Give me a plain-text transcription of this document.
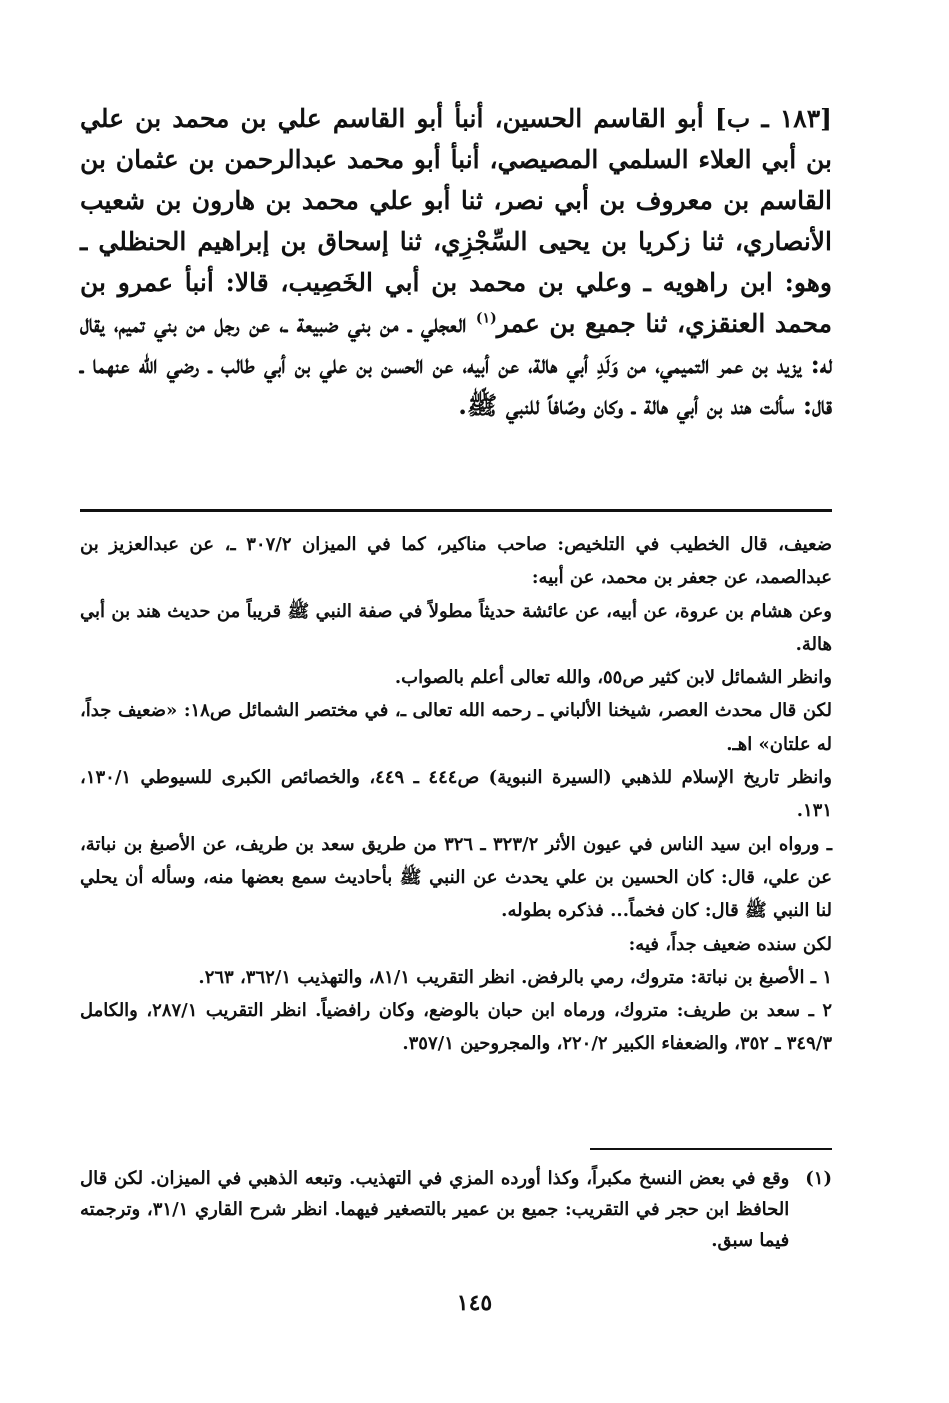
[١٨٣ ـ ب] أبو القاسم الحسين، أنبأ أبو القاسم علي بن محمد بن علي بن أبي العلاء السلمي المصيصي، أنبأ أبو محمد عبدالرحمن بن عثمان بن القاسم بن معروف بن أبي نصر، ثنا أبو علي محمد بن هارون بن شعيب الأنصاري، ثنا زكريا بن يحيى السِّجْزِي، ثنا إسحاق بن إبراهيم الحنظلي ـ وهو: ابن راهويه ـ وعلي بن محمد بن أبي الخَصِيب، قالا: أنبأ عمرو بن محمد العنقزي، ثنا جميع بن عمر$^{(١)}$ العجلي ـ من بني ضبيعة ـ، عن رجل من بني تميم، يقال له: يزيد بن عمر التميمي، من وَلَدِ أبي هالة، عن أبيه، عن الحسن بن علي بن أبي طالب ـ رضي الله عنهما ـ قال: سألت هند بن أبي هالة ـ وكان وصّافاً للنبي ﷺ.

ضعيف، قال الخطيب في التلخيص: صاحب مناكير، كما في الميزان ٣٠٧/٢ ـ، عن عبدالعزيز بن عبدالصمد، عن جعفر بن محمد، عن أبيه:

وعن هشام بن عروة، عن أبيه، عن عائشة حديثاً مطولاً في صفة النبي ﷺ قريباً من حديث هند بن أبي هالة.

وانظر الشمائل لابن كثير ص٥٥، والله تعالى أعلم بالصواب.

لكن قال محدث العصر، شيخنا الألباني ـ رحمه الله تعالى ـ، في مختصر الشمائل ص١٨: «ضعيف جداً، له علتان» اهـ.

وانظر تاريخ الإسلام للذهبي (السيرة النبوية) ص٤٤٤ ـ ٤٤٩، والخصائص الكبرى للسيوطي ١٣٠/١، ١٣١.

ـ ورواه ابن سيد الناس في عيون الأثر ٣٢٣/٢ ـ ٣٢٦ من طريق سعد بن طريف، عن الأصبغ بن نباتة، عن علي، قال: كان الحسين بن علي يحدث عن النبي ﷺ بأحاديث سمع بعضها منه، وسأله أن يحلي لنا النبي ﷺ قال: كان فخماً... فذكره بطوله.

لكن سنده ضعيف جداً، فيه:

١ ـ الأصبغ بن نباتة: متروك، رمي بالرفض. انظر التقريب ٨١/١، والتهذيب ٣٦٢/١، ٢٦٣.

٢ ـ سعد بن طريف: متروك، ورماه ابن حبان بالوضع، وكان رافضياً. انظر التقريب ٢٨٧/١، والكامل ٣٤٩/٣ ـ ٣٥٢، والضعفاء الكبير ٢٢٠/٢، والمجروحين ٣٥٧/١.

(١)

وقع في بعض النسخ مكبراً، وكذا أورده المزي في التهذيب. وتبعه الذهبي في الميزان. لكن قال الحافظ ابن حجر في التقريب: جميع بن عمير بالتصغير فيهما. انظر شرح القاري ٣١/١، وترجمته فيما سبق.

١٤٥
